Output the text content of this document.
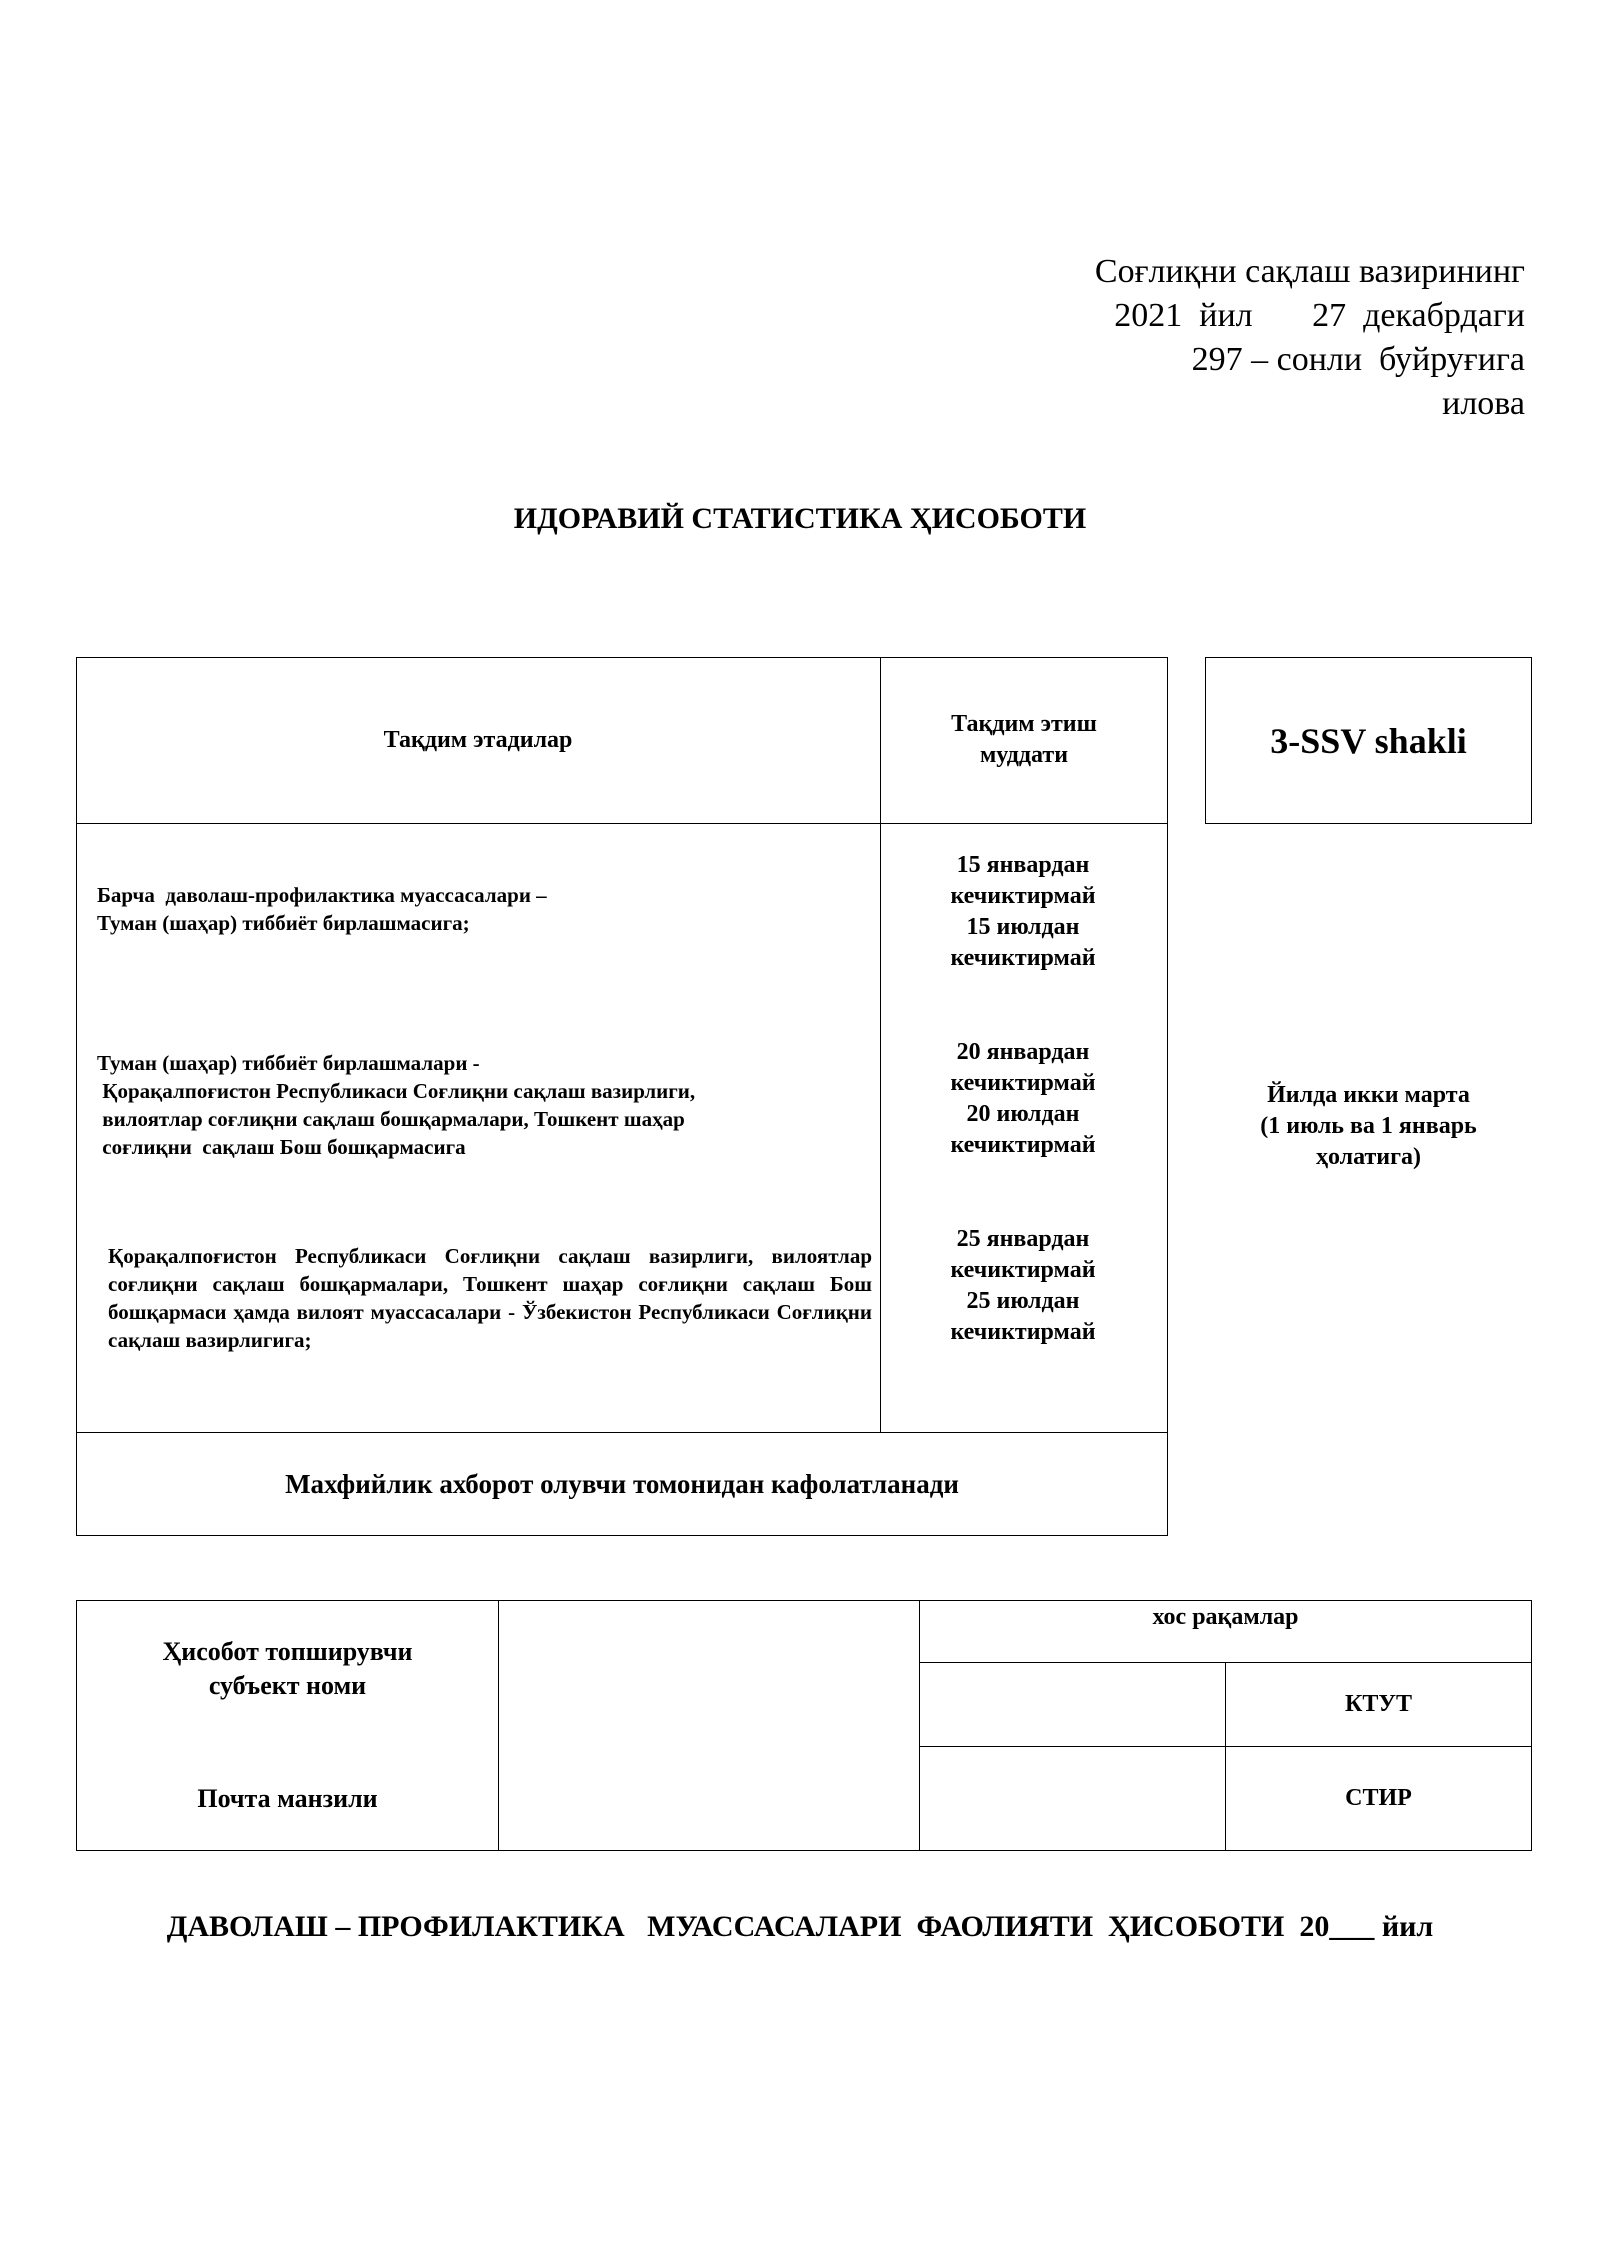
Соғлиқни сақлаш вазирининг
2021  йил       27  декабрдаги
297 – сонли  буйруғига
илова
ИДОРАВИЙ СТАТИСТИКА ҲИСОБОТИ
Тақдим этадилар
Тақдим этиш
муддати
Барча  даволаш-профилактика муассасалари –
Туман (шаҳар) тиббиёт бирлашмасига;
15 январдан
кечиктирмай
15 июлдан
кечиктирмай
Туман (шаҳар) тиббиёт бирлашмалари -
Қорақалпоғистон Республикаси Соғлиқни сақлаш вазирлиги,
вилоятлар соғлиқни сақлаш бошқармалари, Тошкент шаҳар
соғлиқни  сақлаш Бош бошқармасига
20 январдан
кечиктирмай
20 июлдан
кечиктирмай
Қорақалпоғистон Республикаси Соғлиқни сақлаш вазирлиги, вилоятлар соғлиқни сақлаш бошқармалари, Тошкент шаҳар соғлиқни сақлаш Бош бошқармаси ҳамда вилоят муассасалари - Ўзбекистон Республикаси Соғлиқни сақлаш вазирлигига;
25 январдан
кечиктирмай
25 июлдан
кечиктирмай
Махфийлик ахборот олувчи томонидан кафолатланади
3-SSV shakli
Йилда икки марта
(1 июль ва 1 январь
ҳолатига)
Ҳисобот топширувчи
субъект номи
Почта манзили
хос рақамлар
КТУТ
СТИР
ДАВОЛАШ – ПРОФИЛАКТИКА   МУАССАСАЛАРИ  ФАОЛИЯТИ  ҲИСОБОТИ  20___ йил
